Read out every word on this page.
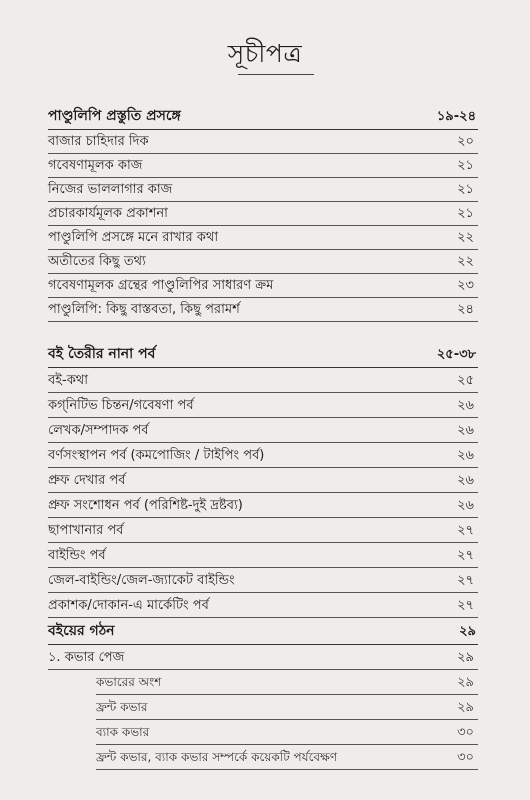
সূচীপত্র
পাণ্ডুলিপি প্রস্তুতি প্রসঙ্গে	১৯-২৪
বাজার চাহিদার দিক	২০
গবেষণামূলক কাজ	২১
নিজের ভাললাগার কাজ	২১
প্রচারকার্যমূলক প্রকাশনা	২১
পাণ্ডুলিপি প্রসঙ্গে মনে রাখার কথা	২২
অতীতের কিছু তথ্য	২২
গবেষণামূলক গ্রন্থের পাণ্ডুলিপির সাধারণ ক্রম	২৩
পাণ্ডুলিপি: কিছু বাস্তবতা, কিছু পরামর্শ	২৪
বই তৈরীর নানা পর্ব	২৫-৩৮
বই-কথা	২৫
কগ্‌নিটিভ চিন্তন/গবেষণা পর্ব	২৬
লেখক/সম্পাদক পর্ব	২৬
বর্ণসংস্থাপন পর্ব (কমপোজিং / টাইপিং পর্ব)	২৬
প্রুফ দেখার পর্ব	২৬
প্রুফ সংশোধন পর্ব (পরিশিষ্ট-দুই দ্রষ্টব্য)	২৬
ছাপাখানার পর্ব	২৭
বাইন্ডিং পর্ব	২৭
জেল-বাইন্ডিং/জেল-জ্যাকেট বাইন্ডিং	২৭
প্রকাশক/দোকান-এ মার্কেটিং পর্ব	২৭
বইয়ের গঠন	২৯
১. কভার পেজ	২৯
কভারের অংশ	২৯
ফ্রন্ট কভার	২৯
ব্যাক কভার	৩০
ফ্রন্ট কভার, ব্যাক কভার সম্পর্কে কয়েকটি পর্যবেক্ষণ	৩০
